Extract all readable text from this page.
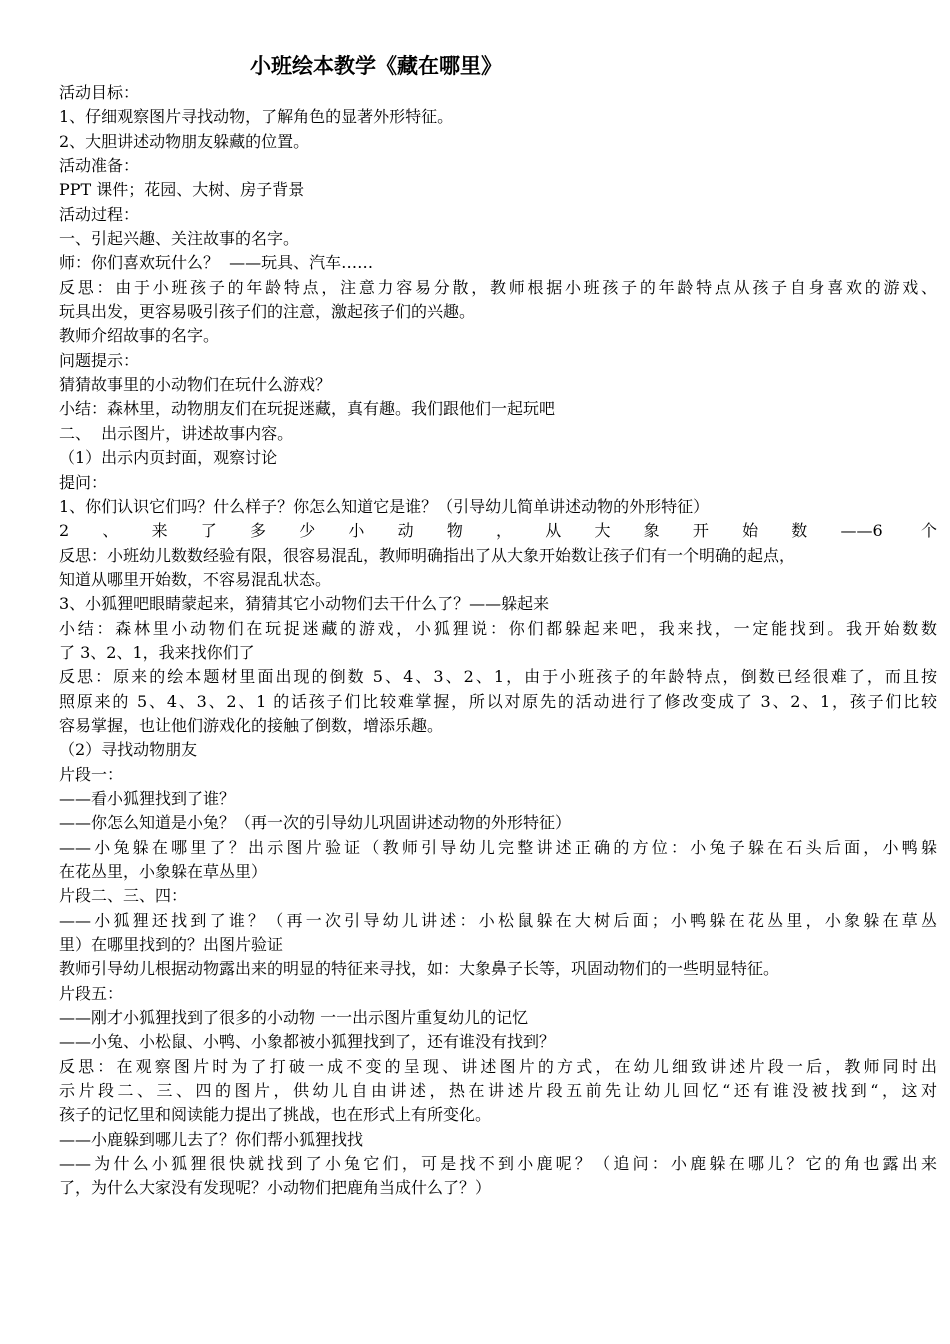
小班绘本教学《藏在哪里》

活动目标：

1、仔细观察图片寻找动物，了解角色的显著外形特征。

2、大胆讲述动物朋友躲藏的位置。

活动准备：

PPT 课件；花园、大树、房子背景

活动过程：

一、引起兴趣、关注故事的名字。

师：你们喜欢玩什么？  ——玩具、汽车……

反思：由于小班孩子的年龄特点，注意力容易分散，教师根据小班孩子的年龄特点从孩子自身喜欢的游戏、

玩具出发，更容易吸引孩子们的注意，激起孩子们的兴趣。

教师介绍故事的名字。

问题提示：

猜猜故事里的小动物们在玩什么游戏？

小结：森林里，动物朋友们在玩捉迷藏，真有趣。我们跟他们一起玩吧

二、  出示图片，讲述故事内容。

（1）出示内页封面，观察讨论

提问：

1、你们认识它们吗？什么样子？你怎么知道它是谁？（引导幼儿简单讲述动物的外形特征）

2、来了多少小动物，从大象开始数——6 个

反思：小班幼儿数数经验有限，很容易混乱，教师明确指出了从大象开始数让孩子们有一个明确的起点，

知道从哪里开始数，不容易混乱状态。

3、小狐狸吧眼睛蒙起来，猜猜其它小动物们去干什么了？——躲起来

小结：森林里小动物们在玩捉迷藏的游戏，小狐狸说：你们都躲起来吧，我来找，一定能找到。我开始数数

了 3、2、1，我来找你们了

反思：原来的绘本题材里面出现的倒数 5、4、3、2、1，由于小班孩子的年龄特点，倒数已经很难了，而且按

照原来的 5、4、3、2、1 的话孩子们比较难掌握，所以对原先的活动进行了修改变成了 3、2、1，孩子们比较

容易掌握，也让他们游戏化的接触了倒数，增添乐趣。

（2）寻找动物朋友

片段一：

——看小狐狸找到了谁？

——你怎么知道是小兔？（再一次的引导幼儿巩固讲述动物的外形特征）

——小兔躲在哪里了？出示图片验证（教师引导幼儿完整讲述正确的方位：小兔子躲在石头后面，小鸭躲

在花丛里，小象躲在草丛里）

片段二、三、四：

——小狐狸还找到了谁？（再一次引导幼儿讲述：小松鼠躲在大树后面；小鸭躲在花丛里，小象躲在草丛

里）在哪里找到的？出图片验证

教师引导幼儿根据动物露出来的明显的特征来寻找，如：大象鼻子长等，巩固动物们的一些明显特征。

片段五：

——刚才小狐狸找到了很多的小动物 一一出示图片重复幼儿的记忆

——小兔、小松鼠、小鸭、小象都被小狐狸找到了，还有谁没有找到？

反思：在观察图片时为了打破一成不变的呈现、讲述图片的方式，在幼儿细致讲述片段一后，教师同时出

示片段二、三、四的图片，供幼儿自由讲述，热在讲述片段五前先让幼儿回忆“还有谁没被找到“，这对

孩子的记忆里和阅读能力提出了挑战，也在形式上有所变化。

——小鹿躲到哪儿去了？你们帮小狐狸找找

——为什么小狐狸很快就找到了小兔它们，可是找不到小鹿呢？（追问：小鹿躲在哪儿？它的角也露出来

了，为什么大家没有发现呢？小动物们把鹿角当成什么了？）
